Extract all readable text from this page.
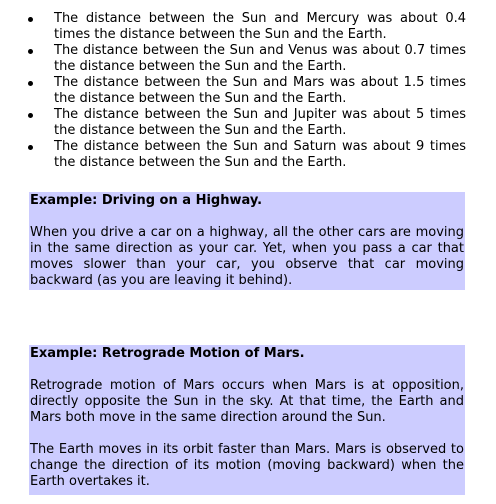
The distance between the Sun and Mercury was about 0.4 times the distance between the Sun and the Earth.
The distance between the Sun and Venus was about 0.7 times the distance between the Sun and the Earth.
The distance between the Sun and Mars was about 1.5 times the distance between the Sun and the Earth.
The distance between the Sun and Jupiter was about 5 times the distance between the Sun and the Earth.
The distance between the Sun and Saturn was about 9 times the distance between the Sun and the Earth.
Example: Driving on a Highway.

When you drive a car on a highway, all the other cars are moving in the same direction as your car. Yet, when you pass a car that moves slower than your car, you observe that car moving backward (as you are leaving it behind).

Example: Retrograde Motion of Mars.

Retrograde motion of Mars occurs when Mars is at opposition, directly opposite the Sun in the sky. At that time, the Earth and Mars both move in the same direction around the Sun.

The Earth moves in its orbit faster than Mars. Mars is observed to change the direction of its motion (moving backward) when the Earth overtakes it.
